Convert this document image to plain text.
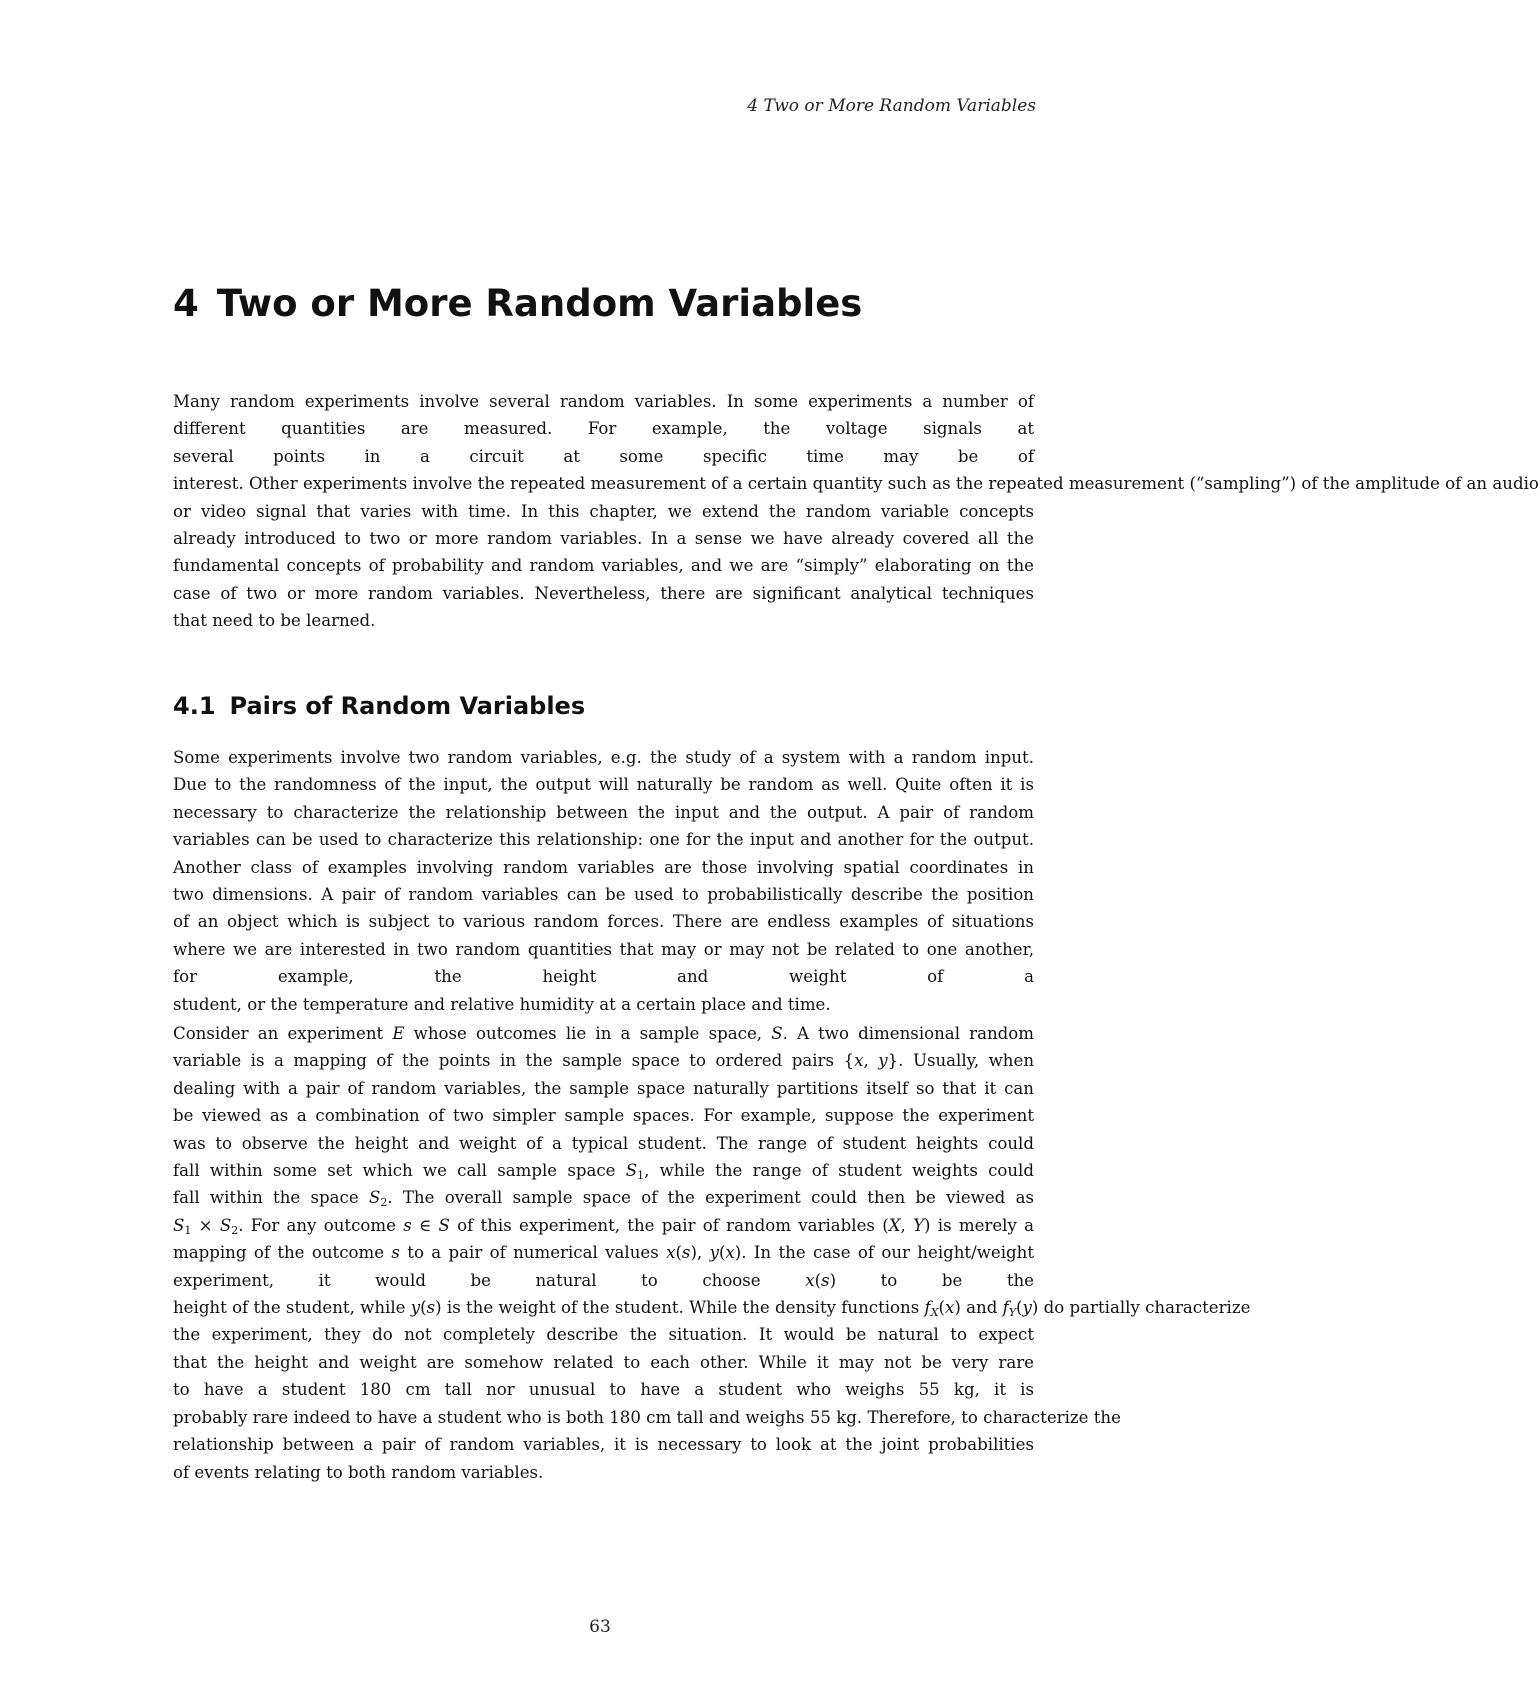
4 Two or More Random Variables
4 Two or More Random Variables
Many random experiments involve several random variables. In some experiments a number of
different quantities are measured. For example, the voltage signals at
several points in a circuit at some specific time may be of
interest. Other experiments involve the repeated measurement of a certain quantity such as the repeated measurement (“sampling”) of the amplitude of an audio
or video signal that varies with time. In this chapter, we extend the random variable concepts
already introduced to two or more random variables. In a sense we have already covered all the
fundamental concepts of probability and random variables, and we are “simply” elaborating on the
case of two or more random variables. Nevertheless, there are significant analytical techniques
that need to be learned.
4.1 Pairs of Random Variables
Some experiments involve two random variables, e.g. the study of a system with a random input.
Due to the randomness of the input, the output will naturally be random as well. Quite often it is
necessary to characterize the relationship between the input and the output. A pair of random
variables can be used to characterize this relationship: one for the input and another for the output.
Another class of examples involving random variables are those involving spatial coordinates in
two dimensions. A pair of random variables can be used to probabilistically describe the position
of an object which is subject to various random forces. There are endless examples of situations
where we are interested in two random quantities that may or may not be related to one another,
for example, the height and weight of a
student, or the temperature and relative humidity at a certain place and time.
Consider an experiment E whose outcomes lie in a sample space, S. A two dimensional random
variable is a mapping of the points in the sample space to ordered pairs {x, y}. Usually, when
dealing with a pair of random variables, the sample space naturally partitions itself so that it can
be viewed as a combination of two simpler sample spaces. For example, suppose the experiment
was to observe the height and weight of a typical student. The range of student heights could
fall within some set which we call sample space $S_1$, while the range of student weights could
fall within the space $S_2$. The overall sample space of the experiment could then be viewed as
$S_1 \times S_2$. For any outcome s ∈ S of this experiment, the pair of random variables (X, Y) is merely a
mapping of the outcome s to a pair of numerical values x(s), y(x). In the case of our height/weight
experiment, it would be natural to choose x(s) to be the
height of the student, while y(s) is the weight of the student. While the density functions $f_X(x)$ and $f_Y(y)$ do partially characterize
the experiment, they do not completely describe the situation. It would be natural to expect
that the height and weight are somehow related to each other. While it may not be very rare
to have a student 180 cm tall nor unusual to have a student who weighs 55 kg, it is
probably rare indeed to have a student who is both 180 cm tall and weighs 55 kg. Therefore, to characterize the
relationship between a pair of random variables, it is necessary to look at the joint probabilities
of events relating to both random variables.
63
